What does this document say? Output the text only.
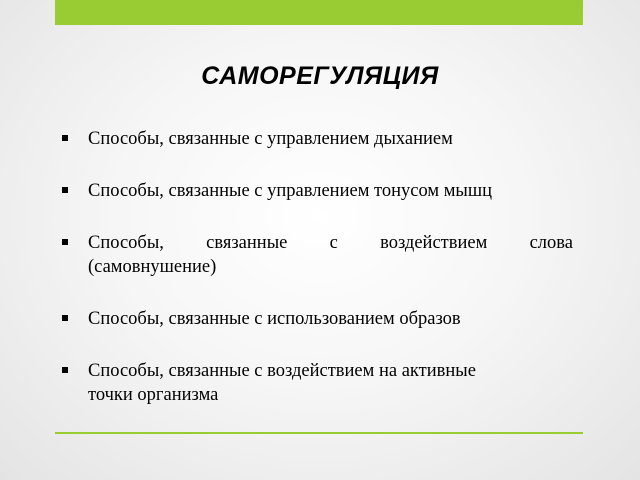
САМОРЕГУЛЯЦИЯ
Способы, связанные с управлением дыханием
Способы, связанные с управлением тонусом мышц
Способы, связанные с воздействием слова
(самовнушение)
Способы, связанные с использованием образов
Способы, связанные с воздействием на активные
точки организма
